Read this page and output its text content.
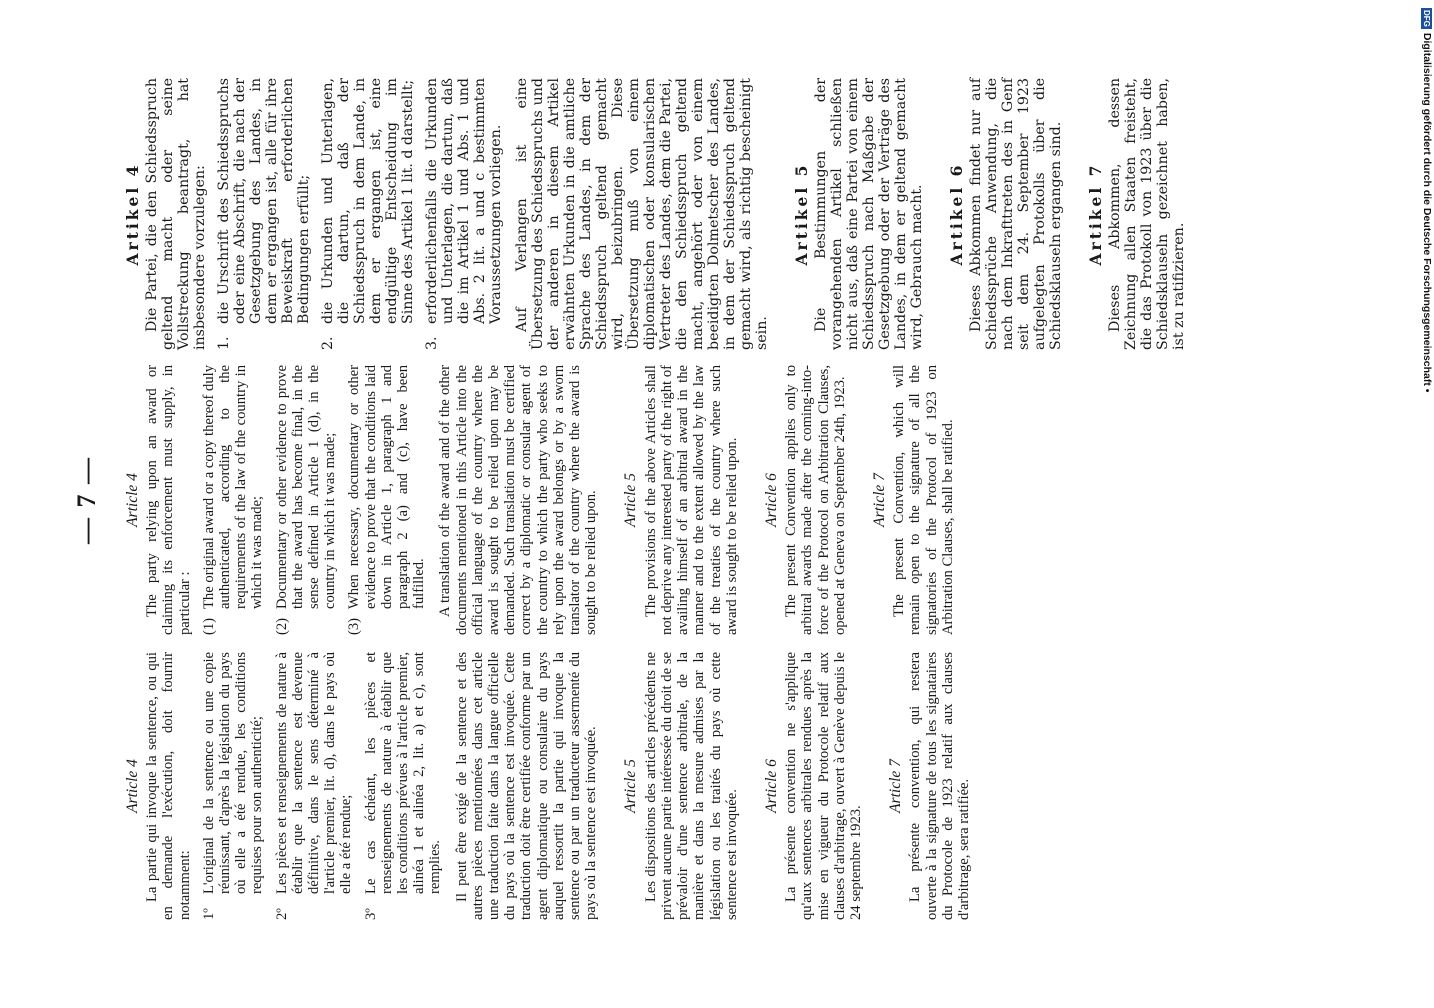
— 7 —
Article 4 La partie qui invoque la sentence, ou qui en demande l'exécution, doit fournir notamment: 1º
L'original de la sentence ou une copie réunissant, d'après la législation du pays où elle a été rendue, les conditions requises pour son authenticité;
2º
Les pièces et renseignements de nature à établir que la sentence est devenue définitive, dans le sens déterminé à l'article premier, lit. d), dans le pays où elle a été rendue;
3º
Le cas échéant, les pièces et renseignements de nature à établir que les conditions prévues à l'article premier, alinéa 1 et alinéa 2, lit. a) et c), sont remplies. Il peut être exigé de la sentence et des autres pièces mentionnées dans cet article une traduction faite dans la langue officielle du pays où la sentence est invoquée. Cette traduction doit être certifiée conforme par un agent diplomatique ou consulaire du pays auquel ressortit la partie qui invoque la sentence ou par un traducteur assermenté du pays où la sentence est invoquée. Article 5 Les dispositions des articles précédents ne privent aucune partie intéressée du droit de se prévaloir d'une sentence arbitrale, de la manière et dans la mesure admises par la législation ou les traités du pays où cette sentence est invoquée.

Article 6 La présente convention ne s'applique qu'aux sentences arbitrales rendues après la mise en vigueur du Protocole relatif aux clauses d'arbitrage, ouvert à Genève depuis le 24 septembre 1923.

Article 7 La présente convention, qui restera ouverte à la signature de tous les signataires du Protocole de 1923 relatif aux clauses d'arbitrage, sera ratifiée.

Article 4 The party relying upon an award or claiming its enforcement must supply, in particular : (1)
The original award or a copy thereof duly authenticated, according to the requirements of the law of the country in which it was made;
(2)
Documentary or other evidence to prove that the award has become final, in the sense defined in Article 1 (d), in the country in which it was made;
(3)
When necessary, documentary or other evidence to prove that the conditions laid down in Article 1, paragraph 1 and paragraph 2 (a) and (c), have been fulfilled. A translation of the award and of the other documents mentioned in this Article into the official language of the country where the award is sought to be relied upon may be demanded. Such translation must be certified correct by a diplomatic or consular agent of the country to which the party who seeks to rely upon the award belongs or by a sworn translator of the country where the award is sought to be relied upon. Article 5 The provisions of the above Articles shall not deprive any interested party of the right of availing himself of an arbitral award in the manner and to the extent allowed by the law of the treaties of the country where such award is sought to be relied upon. Article 6 The present Convention applies only to arbitral awards made after the coming-into-force of the Protocol on Arbitration Clauses, opened at Geneva on September 24th, 1923. Article 7 The present Convention, which will remain open to the signature of all the signatories of the Protocol of 1923 on Arbitration Clauses, shall be ratified.

Artikel 4 Die Partei, die den Schiedsspruch geltend macht oder seine Vollstreckung beantragt, hat insbesondere vorzulegen: 1.
die Urschrift des Schiedsspruchs oder eine Abschrift, die nach der Gesetzgebung des Landes, in dem er ergangen ist, alle für ihre Beweiskraft erforderlichen Bedingungen erfüllt;
2.
die Urkunden und Unterlagen, die dartun, daß der Schiedsspruch in dem Lande, in dem er ergangen ist, eine endgültige Entscheidung im Sinne des Artikel 1 lit. d darstellt;
3.
erforderlichenfalls die Urkunden und Unterlagen, die dartun, daß die im Artikel 1 und Abs. 1 und Abs. 2 lit. a und c bestimmten Voraussetzungen vorliegen. Auf Verlangen ist eine Übersetzung des Schiedsspruchs und der anderen in diesem Artikel erwähnten Urkunden in die amtliche Sprache des Landes, in dem der Schiedsspruch geltend gemacht wird, beizubringen. Diese Übersetzung muß von einem diplomatischen oder konsularischen Vertreter des Landes, dem die Partei, die den Schiedsspruch geltend macht, angehört oder von einem beeidigten Dolmetscher des Landes, in dem der Schiedsspruch geltend gemacht wird, als richtig bescheinigt sein.

Artikel 5 Die Bestimmungen der vorangehenden Artikel schließen nicht aus, daß eine Partei von einem Schiedsspruch nach Maßgabe der Gesetzgebung oder der Verträge des Landes, in dem er geltend gemacht wird, Gebrauch macht. Artikel 6 Dieses Abkommen findet nur auf Schiedssprüche Anwendung, die nach dem Inkrafttreten des in Genf seit dem 24. September 1923 aufgelegten Protokolls über die Schiedsklauseln ergangen sind. Artikel 7 Dieses Abkommen, dessen Zeichnung allen Staaten freisteht, die das Protokoll von 1923 über die Schiedsklauseln gezeichnet haben, ist zu ratifizieren.

DFG
Digitalisierung gefördert durch die Deutsche Forschungsgemeinschaft •
